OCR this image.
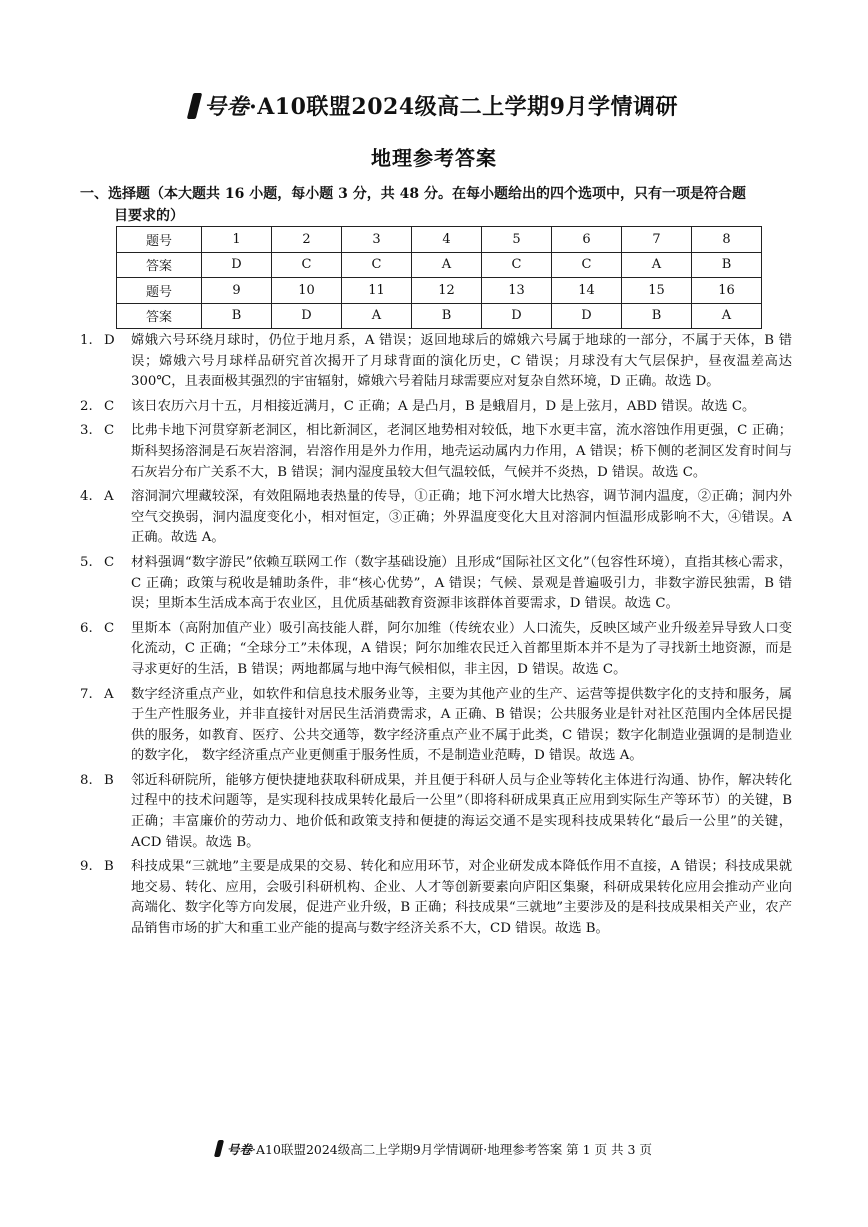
号卷·A10联盟2024级高二上学期9月学情调研
地理参考答案
一、选择题（本大题共 16 小题，每小题 3 分，共 48 分。在每小题给出的四个选项中，只有一项是符合题
目要求的）
题号	1	2	3	4	5	6	7	8
答案	D	C	C	A	C	C	A	B
题号	9	10	11	12	13	14	15	16
答案	B	D	A	B	D	D	B	A
1. D	嫦娥六号环绕月球时，仍位于地月系，A 错误；返回地球后的嫦娥六号属于地球的一部分，不属于天体，B 错误；嫦娥六号月球样品研究首次揭开了月球背面的演化历史，C 错误；月球没有大气层保护，昼夜温差高达 300℃，且表面极其强烈的宇宙辐射，嫦娥六号着陆月球需要应对复杂自然环境，D 正确。故选 D。
2. C	该日农历六月十五，月相接近满月，C 正确；A 是凸月，B 是蛾眉月，D 是上弦月，ABD 错误。故选 C。
3. C	比弗卡地下河贯穿新老洞区，相比新洞区，老洞区地势相对较低，地下水更丰富，流水溶蚀作用更强，C 正确；斯科契扬溶洞是石灰岩溶洞，岩溶作用是外力作用，地壳运动属内力作用，A 错误；桥下侧的老洞区发育时间与石灰岩分布广关系不大，B 错误；洞内湿度虽较大但气温较低，气候并不炎热，D 错误。故选 C。
4. A	溶洞洞穴埋藏较深，有效阻隔地表热量的传导，①正确；地下河水增大比热容，调节洞内温度，②正确；洞内外空气交换弱，洞内温度变化小，相对恒定，③正确；外界温度变化大且对溶洞内恒温形成影响不大，④错误。A 正确。故选 A。
5. C	材料强调“数字游民”依赖互联网工作（数字基础设施）且形成“国际社区文化”（包容性环境），直指其核心需求，C 正确；政策与税收是辅助条件，非“核心优势”，A 错误；气候、景观是普遍吸引力，非数字游民独需，B 错误；里斯本生活成本高于农业区，且优质基础教育资源非该群体首要需求，D 错误。故选 C。
6. C	里斯本（高附加值产业）吸引高技能人群，阿尔加维（传统农业）人口流失，反映区域产业升级差异导致人口变化流动，C 正确；“全球分工”未体现，A 错误；阿尔加维农民迁入首都里斯本并不是为了寻找新土地资源，而是寻求更好的生活，B 错误；两地都属与地中海气候相似，非主因，D 错误。故选 C。
7. A	数字经济重点产业，如软件和信息技术服务业等，主要为其他产业的生产、运营等提供数字化的支持和服务，属于生产性服务业，并非直接针对居民生活消费需求，A 正确、B 错误；公共服务业是针对社区范围内全体居民提供的服务，如教育、医疗、公共交通等，数字经济重点产业不属于此类，C 错误；数字化制造业强调的是制造业的数字化， 数字经济重点产业更侧重于服务性质，不是制造业范畴，D 错误。故选 A。
8. B	邻近科研院所，能够方便快捷地获取科研成果，并且便于科研人员与企业等转化主体进行沟通、协作，解决转化过程中的技术问题等，是实现科技成果转化最后一公里”（即将科研成果真正应用到实际生产等环节）的关键，B 正确；丰富廉价的劳动力、地价低和政策支持和便捷的海运交通不是实现科技成果转化“最后一公里”的关键，ACD 错误。故选 B。
9. B	科技成果“三就地”主要是成果的交易、转化和应用环节，对企业研发成本降低作用不直接，A 错误；科技成果就地交易、转化、应用，会吸引科研机构、企业、人才等创新要素向庐阳区集聚，科研成果转化应用会推动产业向高端化、数字化等方向发展，促进产业升级，B 正确；科技成果“三就地”主要涉及的是科技成果相关产业，农产品销售市场的扩大和重工业产能的提高与数字经济关系不大，CD 错误。故选 B。
号卷·A10联盟2024级高二上学期9月学情调研·地理参考答案 第 1 页 共 3 页
